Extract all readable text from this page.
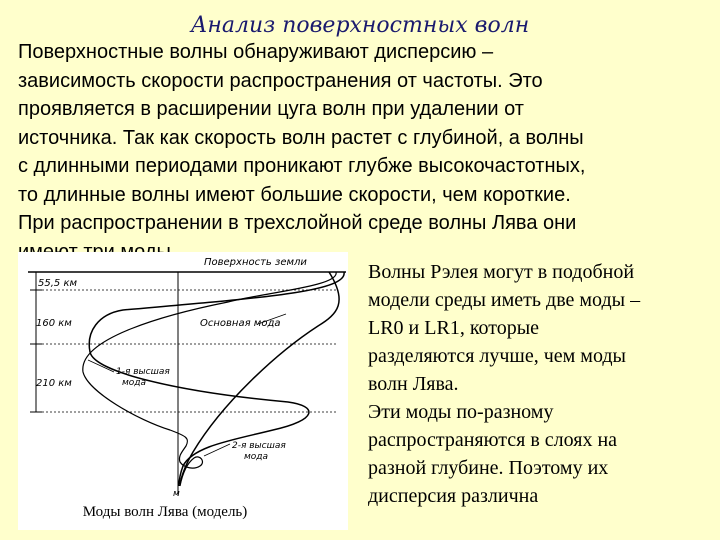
Анализ поверхностных волн
Поверхностные волны обнаруживают дисперсию –
зависимость скорости распространения от частоты. Это
проявляется в расширении цуга волн при удалении от
источника. Так как скорость волн растет с глубиной, а волны
с длинными периодами проникают глубже высокочастотных,
то длинные волны имеют большие скорости, чем короткие.
При распространении в трехслойной среде волны Лява они
Поверхность земли
м
55,5 км
160 км
210 км
Основная мода
1-я высшая
мода
2-я высшая
мода
Моды волн Лява (модель)
Волны Рэлея могут в подобной
модели среды иметь две моды –
LR0 и LR1, которые
разделяются лучше, чем моды
волн Лява.
Эти моды по-разному
распространяются в слоях на
разной глубине. Поэтому их
дисперсия различна
